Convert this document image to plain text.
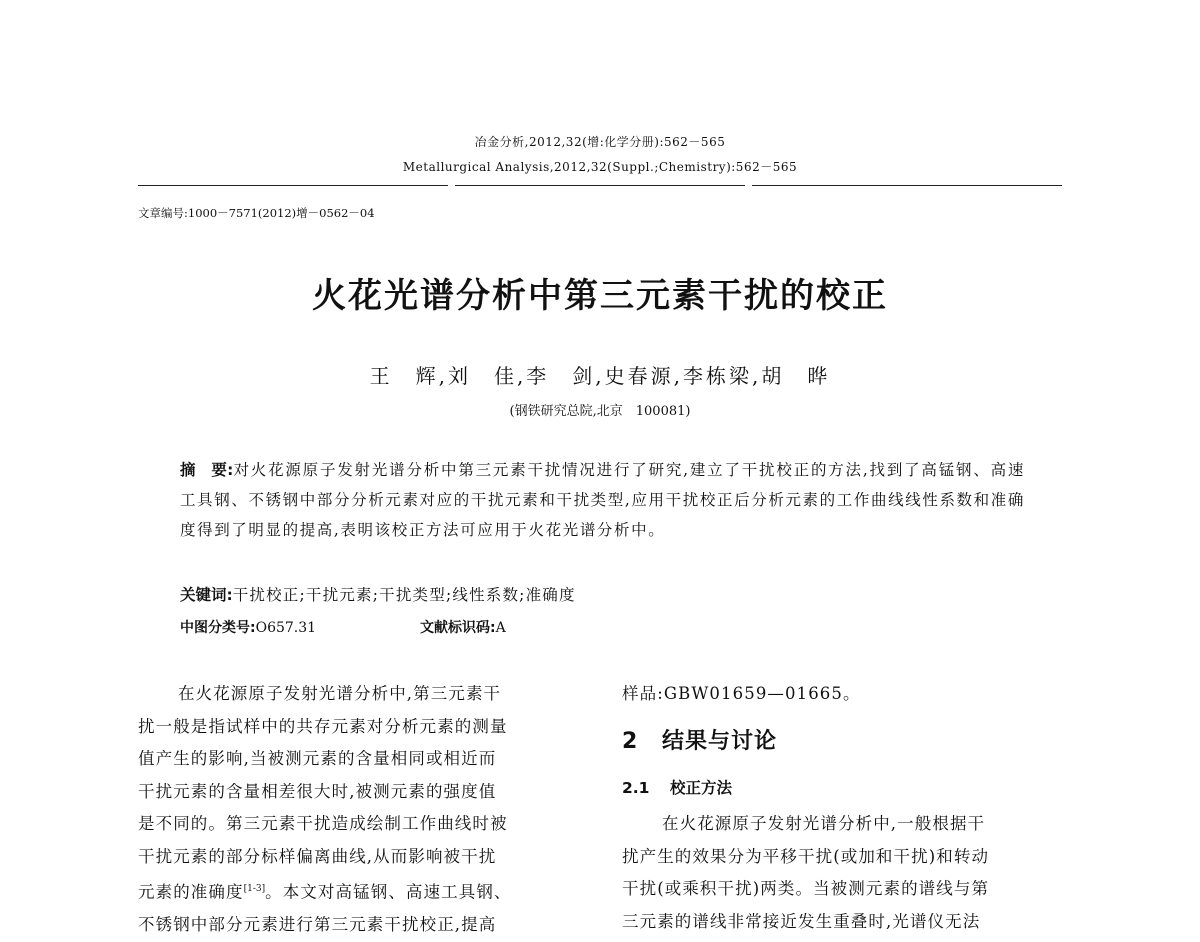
冶金分析,2012,32(增:化学分册):562－565
Metallurgical Analysis,2012,32(Suppl.;Chemistry):562－565
文章编号:1000－7571(2012)增－0562－04
火花光谱分析中第三元素干扰的校正
王　辉,刘　佳,李　剑,史春源,李栋梁,胡　晔
(钢铁研究总院,北京　100081)
摘　要:对火花源原子发射光谱分析中第三元素干扰情况进行了研究,建立了干扰校正的方法,找到了高锰钢、高速工具钢、不锈钢中部分分析元素对应的干扰元素和干扰类型,应用干扰校正后分析元素的工作曲线线性系数和准确度得到了明显的提高,表明该校正方法可应用于火花光谱分析中。
关键词:干扰校正;干扰元素;干扰类型;线性系数;准确度
中图分类号:O657.31	文献标识码:A
在火花源原子发射光谱分析中,第三元素干
扰一般是指试样中的共存元素对分析元素的测量
值产生的影响,当被测元素的含量相同或相近而
干扰元素的含量相差很大时,被测元素的强度值
是不同的。第三元素干扰造成绘制工作曲线时被
干扰元素的部分标样偏离曲线,从而影响被干扰
元素的准确度[1-3]。本文对高锰钢、高速工具钢、
不锈钢中部分元素进行第三元素干扰校正,提高
样品:GBW01659—01665。
2 结果与讨论
2.1 校正方法
在火花源原子发射光谱分析中,一般根据干
扰产生的效果分为平移干扰(或加和干扰)和转动
干扰(或乘积干扰)两类。当被测元素的谱线与第
三元素的谱线非常接近发生重叠时,光谱仪无法
